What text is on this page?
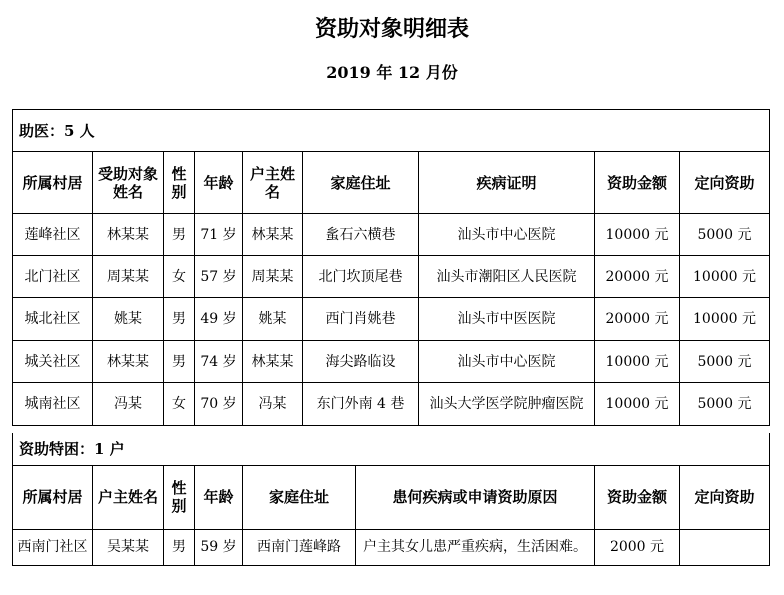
资助对象明细表
2019 年 12 月份
助医：5 人								
所属村居	受助对象姓名	性别	年龄	户主姓名	家庭住址	疾病证明	资助金额	定向资助
莲峰社区	林某某	男	71 岁	林某某	蚃石六横巷	汕头市中心医院	10000 元	5000 元
北门社区	周某某	女	57 岁	周某某	北门坎顶尾巷	汕头市潮阳区人民医院	20000 元	10000 元
城北社区	姚某	男	49 岁	姚某	西门肖姚巷	汕头市中医医院	20000 元	10000 元
城关社区	林某某	男	74 岁	林某某	海尖路临设	汕头市中心医院	10000 元	5000 元
城南社区	冯某	女	70 岁	冯某	东门外南 4 巷	汕头大学医学院肿瘤医院	10000 元	5000 元
资助特困：1 户							
所属村居	户主姓名	性别	年龄	家庭住址	患何疾病或申请资助原因	资助金额	定向资助
西南门社区	吴某某	男	59 岁	西南门莲峰路	户主其女儿患严重疾病，生活困难。	2000 元	
